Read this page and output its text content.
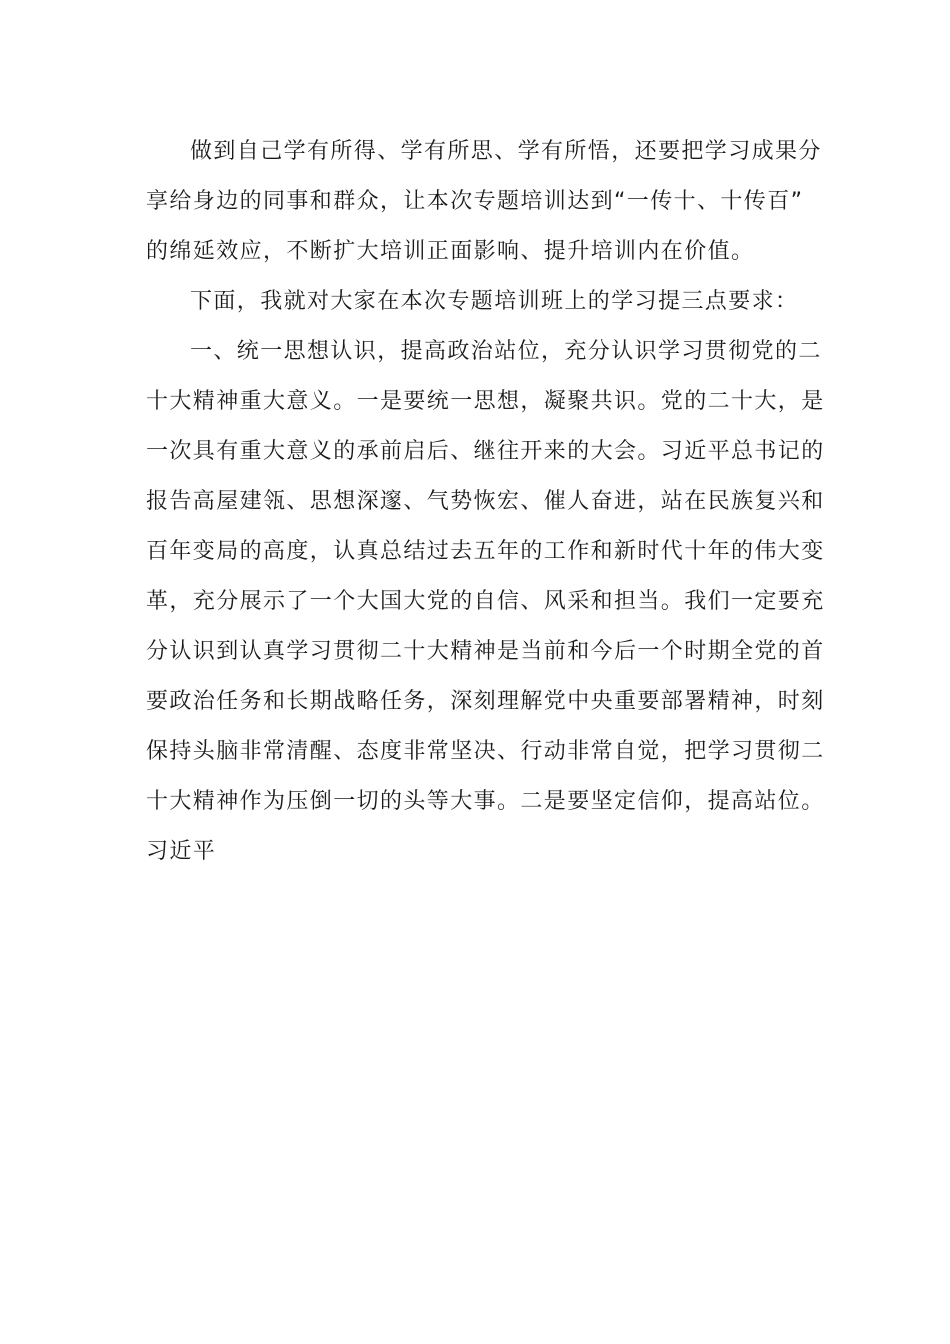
做到自己学有所得、学有所思、学有所悟，还要把学习成果分
享给身边的同事和群众，让本次专题培训达到“一传十、十传百”
的绵延效应，不断扩大培训正面影响、提升培训内在价值。
下面，我就对大家在本次专题培训班上的学习提三点要求：
一、统一思想认识，提高政治站位，充分认识学习贯彻党的二
十大精神重大意义。一是要统一思想，凝聚共识。党的二十大，是
一次具有重大意义的承前启后、继往开来的大会。习近平总书记的
报告高屋建瓴、思想深邃、气势恢宏、催人奋进，站在民族复兴和
百年变局的高度，认真总结过去五年的工作和新时代十年的伟大变
革，充分展示了一个大国大党的自信、风采和担当。我们一定要充
分认识到认真学习贯彻二十大精神是当前和今后一个时期全党的首
要政治任务和长期战略任务，深刻理解党中央重要部署精神，时刻
保持头脑非常清醒、态度非常坚决、行动非常自觉，把学习贯彻二
十大精神作为压倒一切的头等大事。二是要坚定信仰，提高站位。
习近平
